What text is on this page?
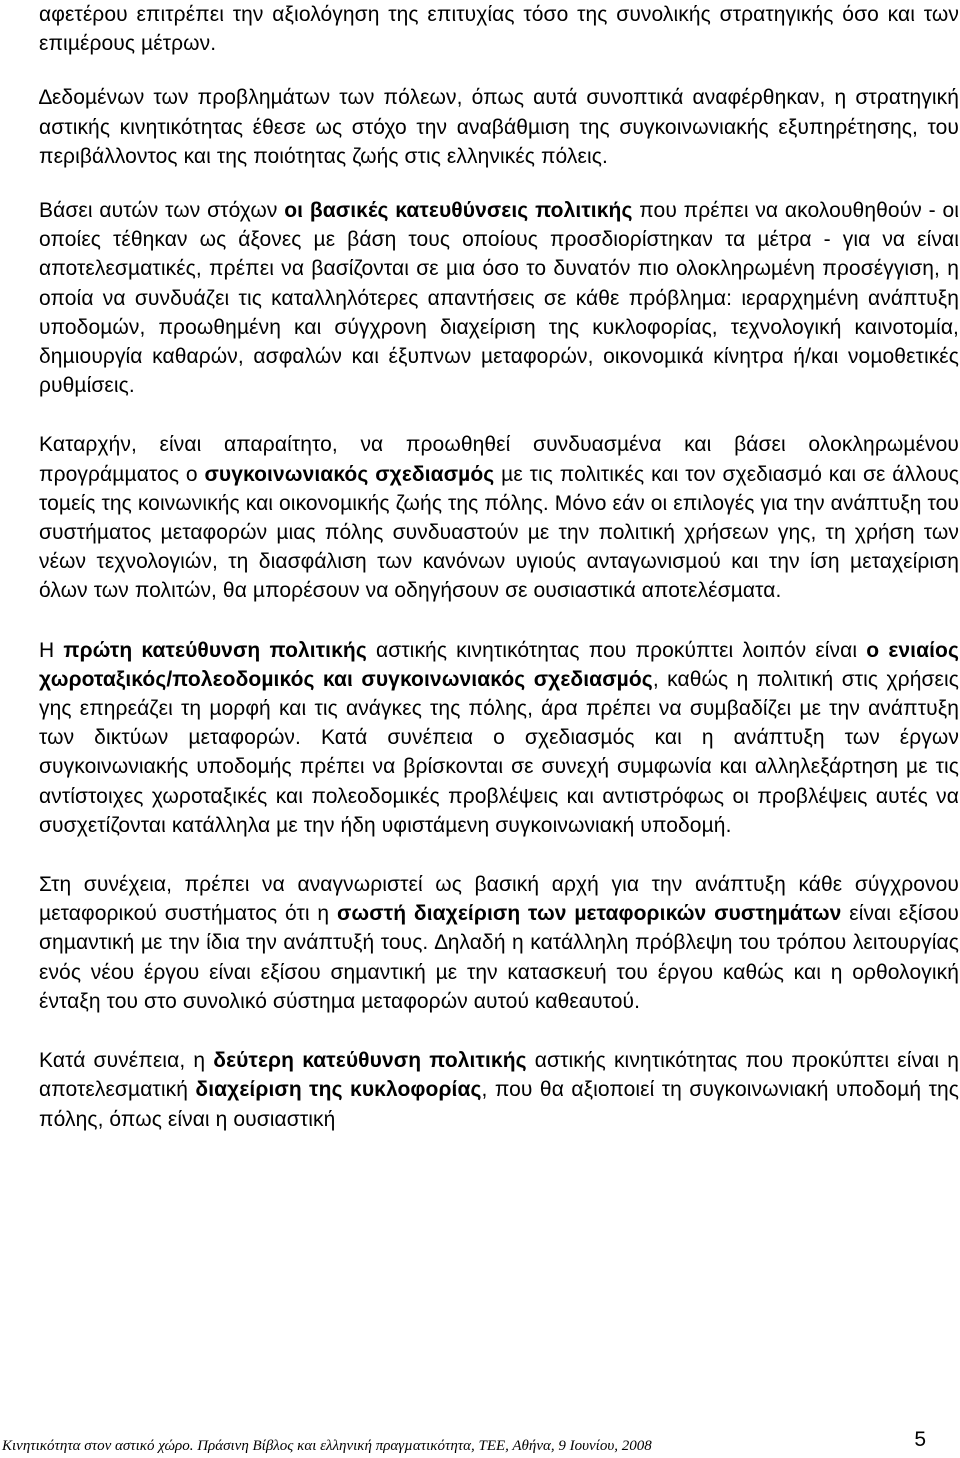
αφετέρου επιτρέπει την αξιολόγηση της επιτυχίας τόσο της συνολικής στρατηγικής όσο και των επιµέρους µέτρων.

∆εδοµένων των προβληµάτων των πόλεων, όπως αυτά συνοπτικά αναφέρθηκαν, η στρατηγική αστικής κινητικότητας έθεσε ως στόχο την αναβάθµιση της συγκοινωνιακής εξυπηρέτησης, του περιβάλλοντος και της ποιότητας ζωής στις ελληνικές πόλεις.

Βάσει αυτών των στόχων οι βασικές κατευθύνσεις πολιτικής που πρέπει να ακολουθηθούν - οι οποίες τέθηκαν ως άξονες µε βάση τους οποίους προσδιορίστηκαν τα µέτρα - για να είναι αποτελεσµατικές, πρέπει να βασίζονται σε µια όσο το δυνατόν πιο ολοκληρωµένη προσέγγιση, η οποία να συνδυάζει τις καταλληλότερες απαντήσεις σε κάθε πρόβληµα: ιεραρχηµένη ανάπτυξη υποδοµών, προωθηµένη και σύγχρονη διαχείριση της κυκλοφορίας, τεχνολογική καινοτοµία, δηµιουργία καθαρών, ασφαλών και έξυπνων µεταφορών, οικονοµικά κίνητρα ή/και νοµοθετικές ρυθµίσεις.

Καταρχήν, είναι απαραίτητο, να προωθηθεί συνδυασµένα και βάσει ολοκληρωµένου προγράµµατος ο συγκοινωνιακός σχεδιασµός µε τις πολιτικές και τον σχεδιασµό και σε άλλους τοµείς της κοινωνικής και οικονοµικής ζωής της πόλης. Μόνο εάν οι επιλογές για την ανάπτυξη του συστήµατος µεταφορών µιας πόλης συνδυαστούν µε την πολιτική χρήσεων γης, τη χρήση των νέων τεχνολογιών, τη διασφάλιση των κανόνων υγιούς ανταγωνισµού και την ίση µεταχείριση όλων των πολιτών, θα µπορέσουν να οδηγήσουν σε ουσιαστικά αποτελέσµατα.

Η πρώτη κατεύθυνση πολιτικής αστικής κινητικότητας που προκύπτει λοιπόν είναι ο ενιαίος χωροταξικός/πολεοδοµικός και συγκοινωνιακός σχεδιασµός, καθώς η πολιτική στις χρήσεις γης επηρεάζει τη µορφή και τις ανάγκες της πόλης, άρα πρέπει να συµβαδίζει µε την ανάπτυξη των δικτύων µεταφορών. Κατά συνέπεια ο σχεδιασµός και η ανάπτυξη των έργων συγκοινωνιακής υποδοµής πρέπει να βρίσκονται σε συνεχή συµφωνία και αλληλεξάρτηση µε τις αντίστοιχες χωροταξικές και πολεοδοµικές προβλέψεις και αντιστρόφως οι προβλέψεις αυτές να συσχετίζονται κατάλληλα µε την ήδη υφιστάµενη συγκοινωνιακή υποδοµή.

Στη συνέχεια, πρέπει να αναγνωριστεί ως βασική αρχή για την ανάπτυξη κάθε σύγχρονου µεταφορικού συστήµατος ότι η σωστή διαχείριση των µεταφορικών συστηµάτων είναι εξίσου σηµαντική µε την ίδια την ανάπτυξή τους. ∆ηλαδή η κατάλληλη πρόβλεψη του τρόπου λειτουργίας ενός νέου έργου είναι εξίσου σηµαντική µε την κατασκευή του έργου καθώς και η ορθολογική ένταξη του στο συνολικό σύστηµα µεταφορών αυτού καθεαυτού.

Κατά συνέπεια, η δεύτερη κατεύθυνση πολιτικής αστικής κινητικότητας που προκύπτει είναι η αποτελεσµατική διαχείριση της κυκλοφορίας, που θα αξιοποιεί τη συγκοινωνιακή υποδοµή της πόλης, όπως είναι η ουσιαστική

Κινητικότητα στον αστικό χώρο. Πράσινη Βίβλος και ελληνική πραγµατικότητα, ΤΕΕ, Αθήνα, 9 Ιουνίου, 2008	5
